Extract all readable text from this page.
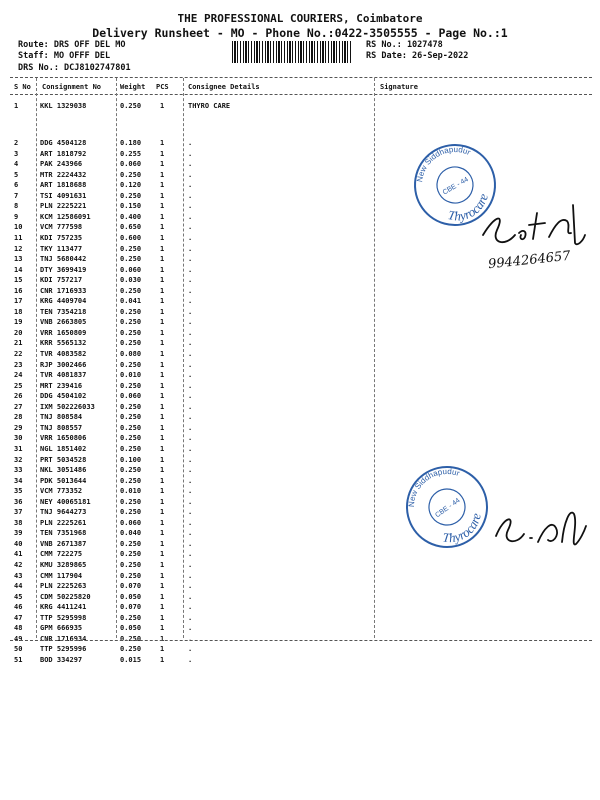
THE PROFESSIONAL COURIERS, Coimbatore
Delivery Runsheet - MO - Phone No.:0422-3505555 - Page No.:1
Route: DRS OFF DEL MO
Staff: MO OFFF DEL
DRS No.: DCJ8102747801
RS No.: 1027478
RS Date: 26-Sep-2022
S No Consignment No	Weight PCS	Consignee Details	Signature
1	KKL 1329038	0.250	1	THYRO CARE
2	DDG 4504128	0.180	1	.
3	ART 1818792	0.255	1	.
4	PAK 243966	0.060	1	.
5	MTR 2224432	0.250	1	.
6	ART 1818688	0.120	1	.
7	TSI 4091631	0.250	1	.
8	PLN 2225221	0.150	1	.
9	KCM 12586091	0.400	1	.
10	VCM 777598	0.650	1	.
11	KDI 757235	0.600	1	.
12	TKY 113477	0.250	1	.
13	TNJ 5680442	0.250	1	.
14	DTY 3699419	0.060	1	.
15	KDI 757217	0.030	1	.
16	CNR 1716933	0.250	1	.
17	KRG 4409704	0.041	1	.
18	TEN 7354218	0.250	1	.
19	VNB 2663805	0.250	1	.
20	VRR 1650809	0.250	1	.
21	KRR 5565132	0.250	1	.
22	TVR 4083582	0.080	1	.
23	RJP 3002466	0.250	1	.
24	TVR 4081837	0.010	1	.
25	MRT 239416	0.250	1	.
26	DDG 4504102	0.060	1	.
27	IXM 502226033	0.250	1	.
28	TNJ 808584	0.250	1	.
29	TNJ 808557	0.250	1	.
30	VRR 1650806	0.250	1	.
31	NGL 1851402	0.250	1	.
32	PRT 5034528	0.100	1	.
33	NKL 3051486	0.250	1	.
34	PDK 5013644	0.250	1	.
35	VCM 773352	0.010	1	.
36	NEY 40065181	0.250	1	.
37	TNJ 9644273	0.250	1	.
38	PLN 2225261	0.060	1	.
39	TEN 7351968	0.040	1	.
40	VNB 2671387	0.250	1	.
41	CMM 722275	0.250	1	.
42	KMU 3289865	0.250	1	.
43	CMM 117904	0.250	1	.
44	PLN 2225263	0.070	1	.
45	CDM 50225820	0.050	1	.
46	KRG 4411241	0.070	1	.
47	TTP 5295998	0.250	1	.
48	GPM 666935	0.050	1	.
49	CNR 1716934	0.250	1	.
50	TTP 5295996	0.250	1	.
51	BOD 334297	0.015	1	.
New Siddhapudur
Thyrocare
CBE - 44
New Siddhapudur
Thyrocare
CBE - 44
9944264657
